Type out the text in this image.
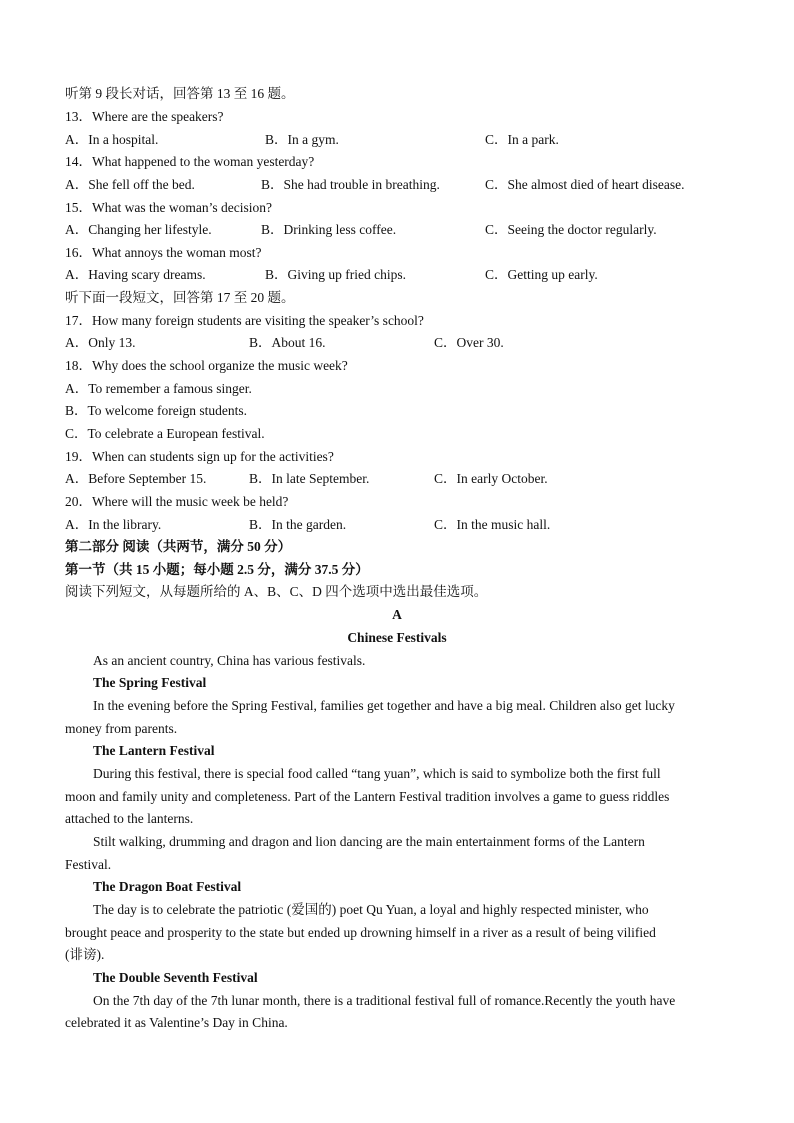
听第 9 段长对话，回答第 13 至 16 题。
13．Where are the speakers?
A．In a hospital.	B．In a gym.	C．In a park.
14．What happened to the woman yesterday?
A．She fell off the bed.	B．She had trouble in breathing.	C．She almost died of heart disease.
15．What was the woman’s decision?
A．Changing her lifestyle.	B．Drinking less coffee.	C．Seeing the doctor regularly.
16．What annoys the woman most?
A．Having scary dreams.	B．Giving up fried chips.	C．Getting up early.
听下面一段短文，回答第 17 至 20 题。
17．How many foreign students are visiting the speaker’s school?
A．Only 13.	B．About 16.	C．Over 30.
18．Why does the school organize the music week?
A．To remember a famous singer.
B．To welcome foreign students.
C．To celebrate a European festival.
19．When can students sign up for the activities?
A．Before September 15.	B．In late September.	C．In early October.
20．Where will the music week be held?
A．In the library.	B．In the garden.	C．In the music hall.
第二部分 阅读（共两节，满分 50 分）
第一节（共 15 小题；每小题 2.5 分，满分 37.5 分）
阅读下列短文，从每题所给的 A、B、C、D 四个选项中选出最佳选项。
A
Chinese Festivals
As an ancient country, China has various festivals.
The Spring Festival
In the evening before the Spring Festival, families get together and have a big meal. Children also get lucky
money from parents.
The Lantern Festival
During this festival, there is special food called “tang yuan”, which is said to symbolize both the first full
moon and family unity and completeness. Part of the Lantern Festival tradition involves a game to guess riddles
attached to the lanterns.
Stilt walking, drumming and dragon and lion dancing are the main entertainment forms of the Lantern
Festival.
The Dragon Boat Festival
The day is to celebrate the patriotic (爱国的) poet Qu Yuan, a loyal and highly respected minister, who
brought peace and prosperity to the state but ended up drowning himself in a river as a result of being vilified
(诽谤).
The Double Seventh Festival
On the 7th day of the 7th lunar month, there is a traditional festival full of romance.Recently the youth have
celebrated it as Valentine’s Day in China.
